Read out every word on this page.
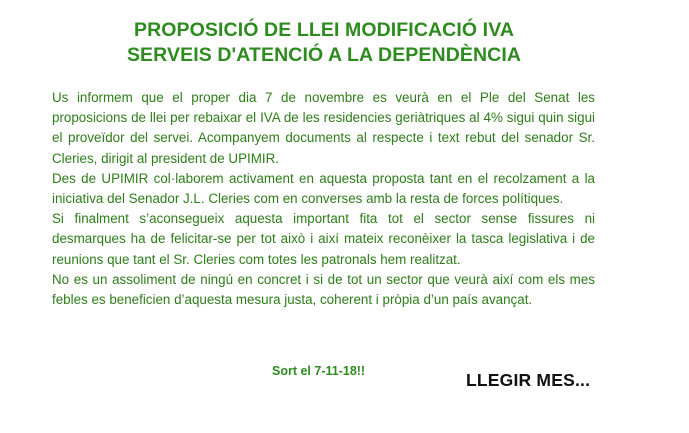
PROPOSICIÓ DE LLEI MODIFICACIÓ IVA
SERVEIS D'ATENCIÓ A LA DEPENDÈNCIA

Us informem que el proper dia 7 de novembre es veurà en el Ple del Senat les proposicions de llei per rebaixar el IVA de les residencies geriàtriques al 4% sigui quin sigui el proveïdor del servei. Acompanyem documents al respecte i text rebut del senador Sr. Cleries, dirigit al president de UPIMIR.

Des de UPIMIR col·laborem activament en aquesta proposta tant en el recolzament a la iniciativa del Senador J.L. Cleries com en converses amb la resta de forces polítiques.

Si finalment s’aconsegueix aquesta important fita tot el sector sense fissures ni desmarques ha de felicitar-se per tot això i així mateix reconèixer la tasca legislativa i de reunions que tant el Sr. Cleries com totes les patronals hem realitzat.

No es un assoliment de ningú en concret i si de tot un sector que veurà així com els mes febles es beneficien d’aquesta mesura justa, coherent i pròpia d’un país avançat.

Sort el 7-11-18!!	LLEGIR MES...
